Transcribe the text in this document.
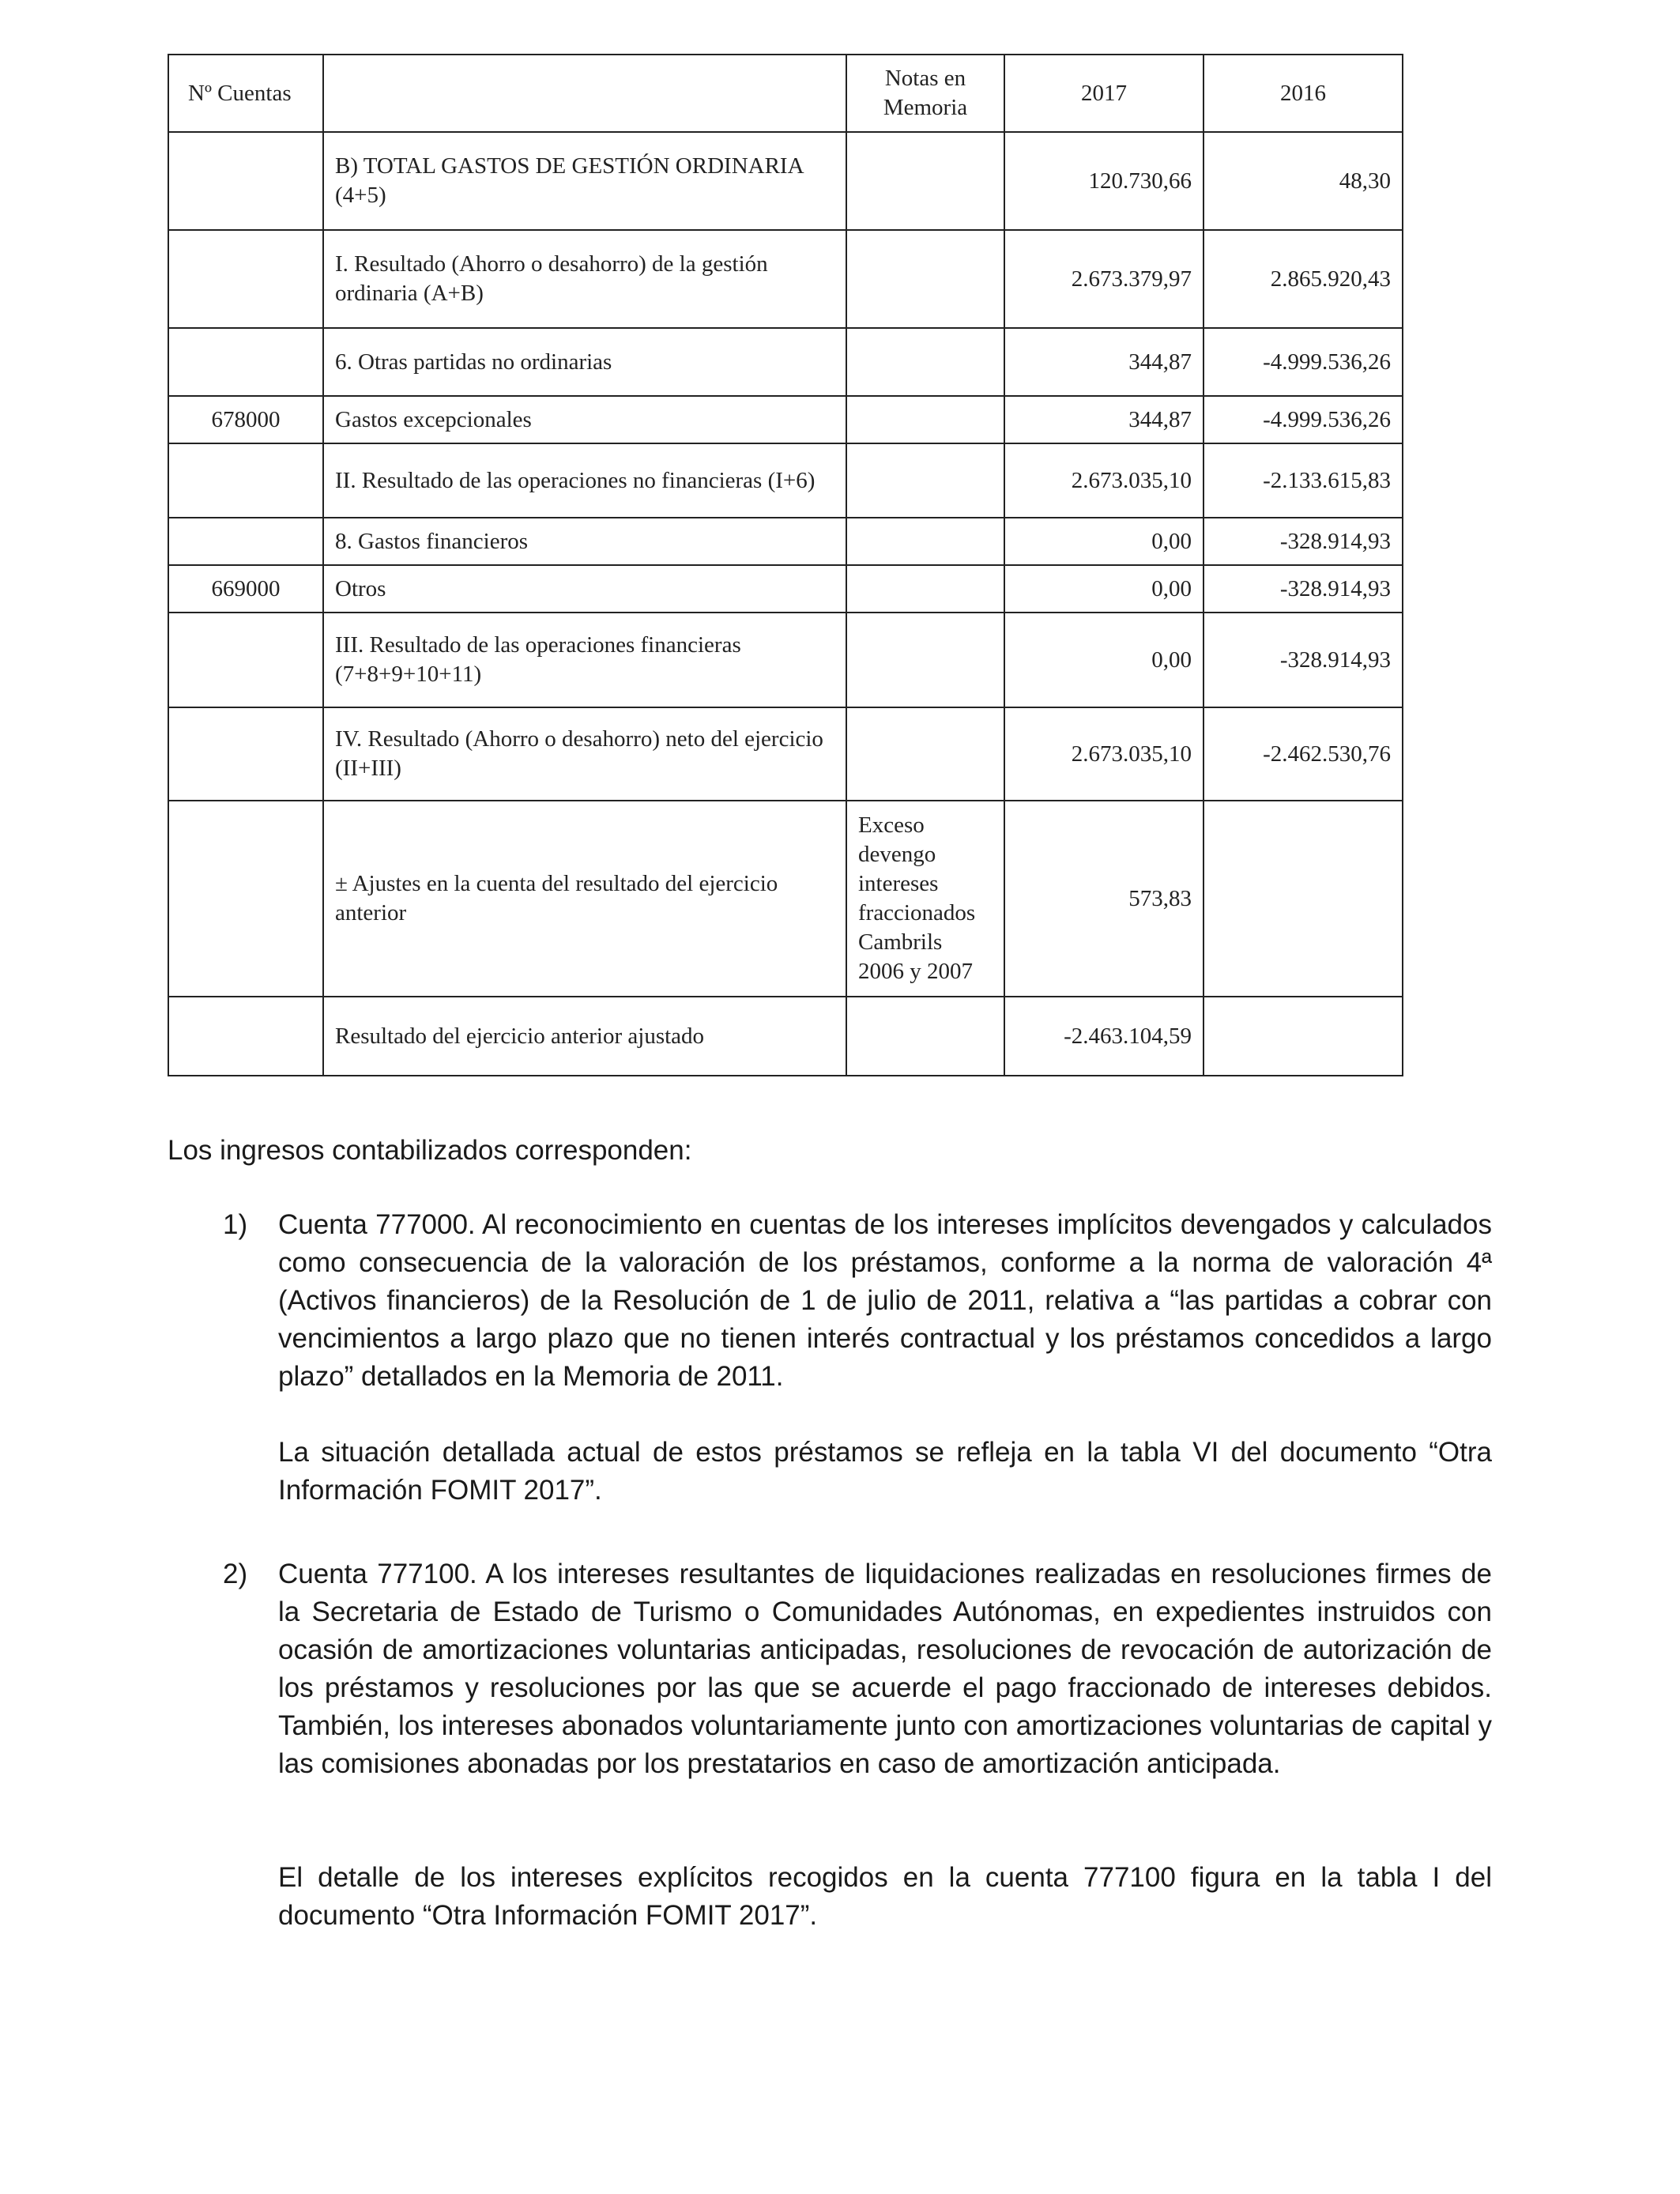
Nº Cuentas		Notas en Memoria	2017	2016
	B) TOTAL GASTOS DE GESTIÓN ORDINARIA (4+5)		120.730,66	48,30
	I. Resultado (Ahorro o desahorro) de la gestión ordinaria (A+B)		2.673.379,97	2.865.920,43
	6. Otras partidas no ordinarias		344,87	-4.999.536,26
678000	Gastos excepcionales		344,87	-4.999.536,26
	II. Resultado de las operaciones no financieras (I+6)		2.673.035,10	-2.133.615,83
	8. Gastos financieros		0,00	-328.914,93
669000	Otros		0,00	-328.914,93
	III. Resultado de las operaciones financieras (7+8+9+10+11)		0,00	-328.914,93
	IV. Resultado (Ahorro o desahorro) neto del ejercicio (II+III)		2.673.035,10	-2.462.530,76
	± Ajustes en la cuenta del resultado del ejercicio anterior	Exceso devengo intereses fraccionados Cambrils 2006 y 2007	573,83	
	Resultado del ejercicio anterior ajustado		-2.463.104,59	
Los ingresos contabilizados corresponden:
1) Cuenta 777000. Al reconocimiento en cuentas de los intereses implícitos devengados y calculados como consecuencia de la valoración de los préstamos, conforme a la norma de valoración 4ª (Activos financieros) de la Resolución de 1 de julio de 2011, relativa a “las partidas a cobrar con vencimientos a largo plazo que no tienen interés contractual y los préstamos concedidos a largo plazo” detallados en la Memoria de 2011.
La situación detallada actual de estos préstamos se refleja en la tabla VI del documento “Otra Información FOMIT 2017”.
2) Cuenta 777100. A los intereses resultantes de liquidaciones realizadas en resoluciones firmes de la Secretaria de Estado de Turismo o Comunidades Autónomas, en expedientes instruidos con ocasión de amortizaciones voluntarias anticipadas, resoluciones de revocación de autorización de los préstamos y resoluciones por las que se acuerde el pago fraccionado de intereses debidos. También, los intereses abonados voluntariamente junto con amortizaciones voluntarias de capital y las comisiones abonadas por los prestatarios en caso de amortización anticipada.
El detalle de los intereses explícitos recogidos en la cuenta 777100 figura en la tabla I del documento “Otra Información FOMIT 2017”.
